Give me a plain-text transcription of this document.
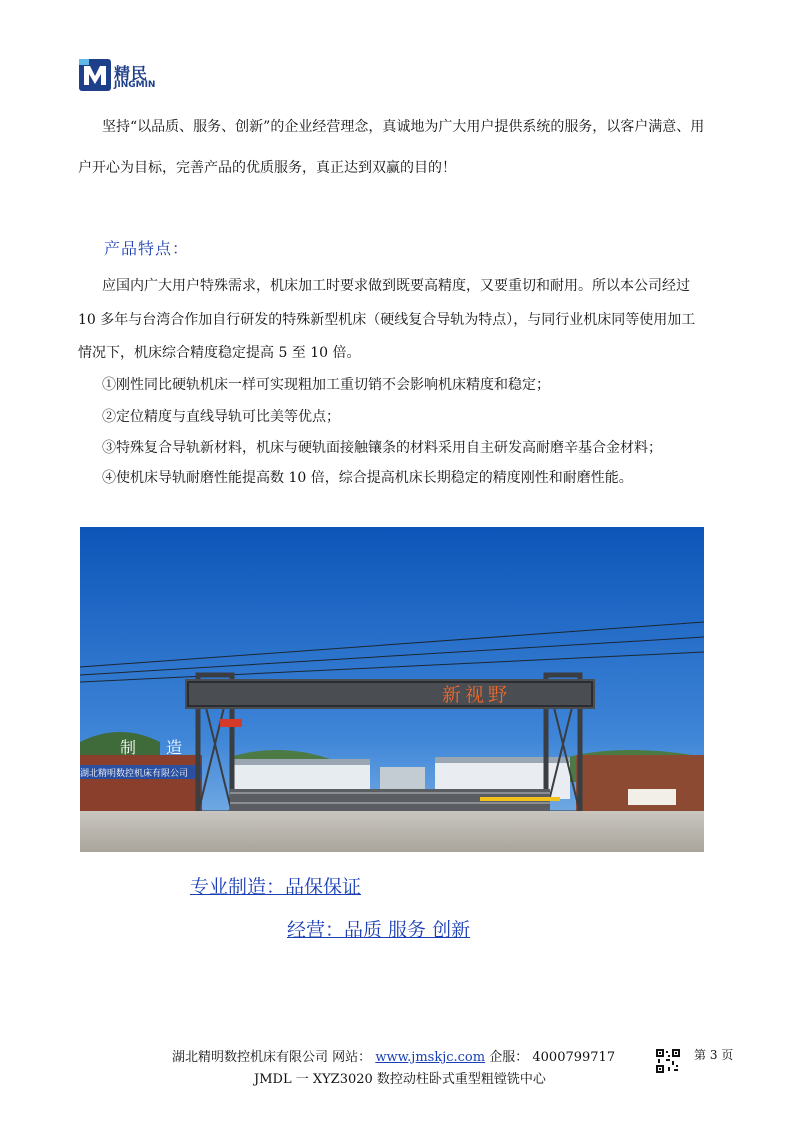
精民
JINGMIN

坚持“以品质、服务、创新”的企业经营理念，真诚地为广大用户提供系统的服务，以客户满意、用

户开心为目标，完善产品的优质服务，真正达到双赢的目的！

产品特点：

应国内广大用户特殊需求，机床加工时要求做到既要高精度，又要重切和耐用。所以本公司经过

10 多年与台湾合作加自行研发的特殊新型机床（硬线复合导轨为特点），与同行业机床同等使用加工

情况下，机床综合精度稳定提高 5 至 10 倍。

①刚性同比硬轨机床一样可实现粗加工重切销不会影响机床精度和稳定；

②定位精度与直线导轨可比美等优点；

③特殊复合导轨新材料，机床与硬轨面接触镶条的材料采用自主研发高耐磨辛基合金材料；

④使机床导轨耐磨性能提高数 10 倍，综合提高机床长期稳定的精度刚性和耐磨性能。

湖北精明数控机床有限公司
制造
新视野
专业制造：品保保证
经营：品质 服务 创新
湖北精明数控机床有限公司 网站： www.jmskjc.com 企服： 4000799717	第 3 页
JMDL 一 XYZ3020 数控动柱卧式重型粗镗铣中心
